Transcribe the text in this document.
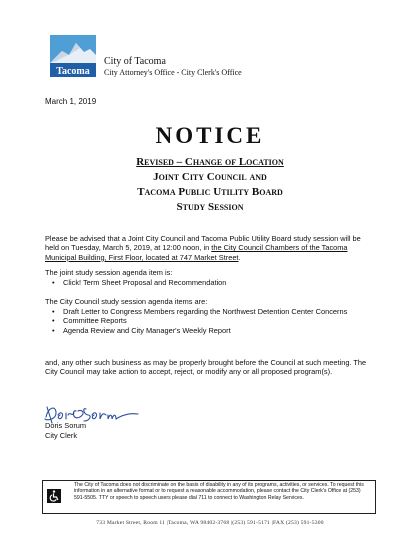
Tacoma
City of Tacoma
City Attorney's Office - City Clerk's Office
March 1, 2019
NOTICE
Revised – Change of Location
Joint City Council and
Tacoma Public Utility Board
Study Session
Please be advised that a Joint City Council and Tacoma Public Utility Board study session will be held on Tuesday, March 5, 2019, at 12:00 noon, in the City Council Chambers of the Tacoma Municipal Building, First Floor, located at 747 Market Street.
The joint study session agenda item is:
• Click! Term Sheet Proposal and Recommendation
The City Council study session agenda items are:
• Draft Letter to Congress Members regarding the Northwest Detention Center Concerns
• Committee Reports
• Agenda Review and City Manager's Weekly Report
and, any other such business as may be properly brought before the Council at such meeting. The City Council may take action to accept, reject, or modify any or all proposed program(s).
Doris Sorum
City Clerk
The City of Tacoma does not discriminate on the basis of disability in any of its programs, activities, or services. To request this information in an alternative format or to request a reasonable accommodation, please contact the City Clerk's Office at (253) 591-5505. TTY or speech to speech users please dial 711 to connect to Washington Relay Services.
733 Market Street, Room 11 |Tacoma, WA 98402-3768 |(253) 591-5171 |FAX (253) 591-5300
